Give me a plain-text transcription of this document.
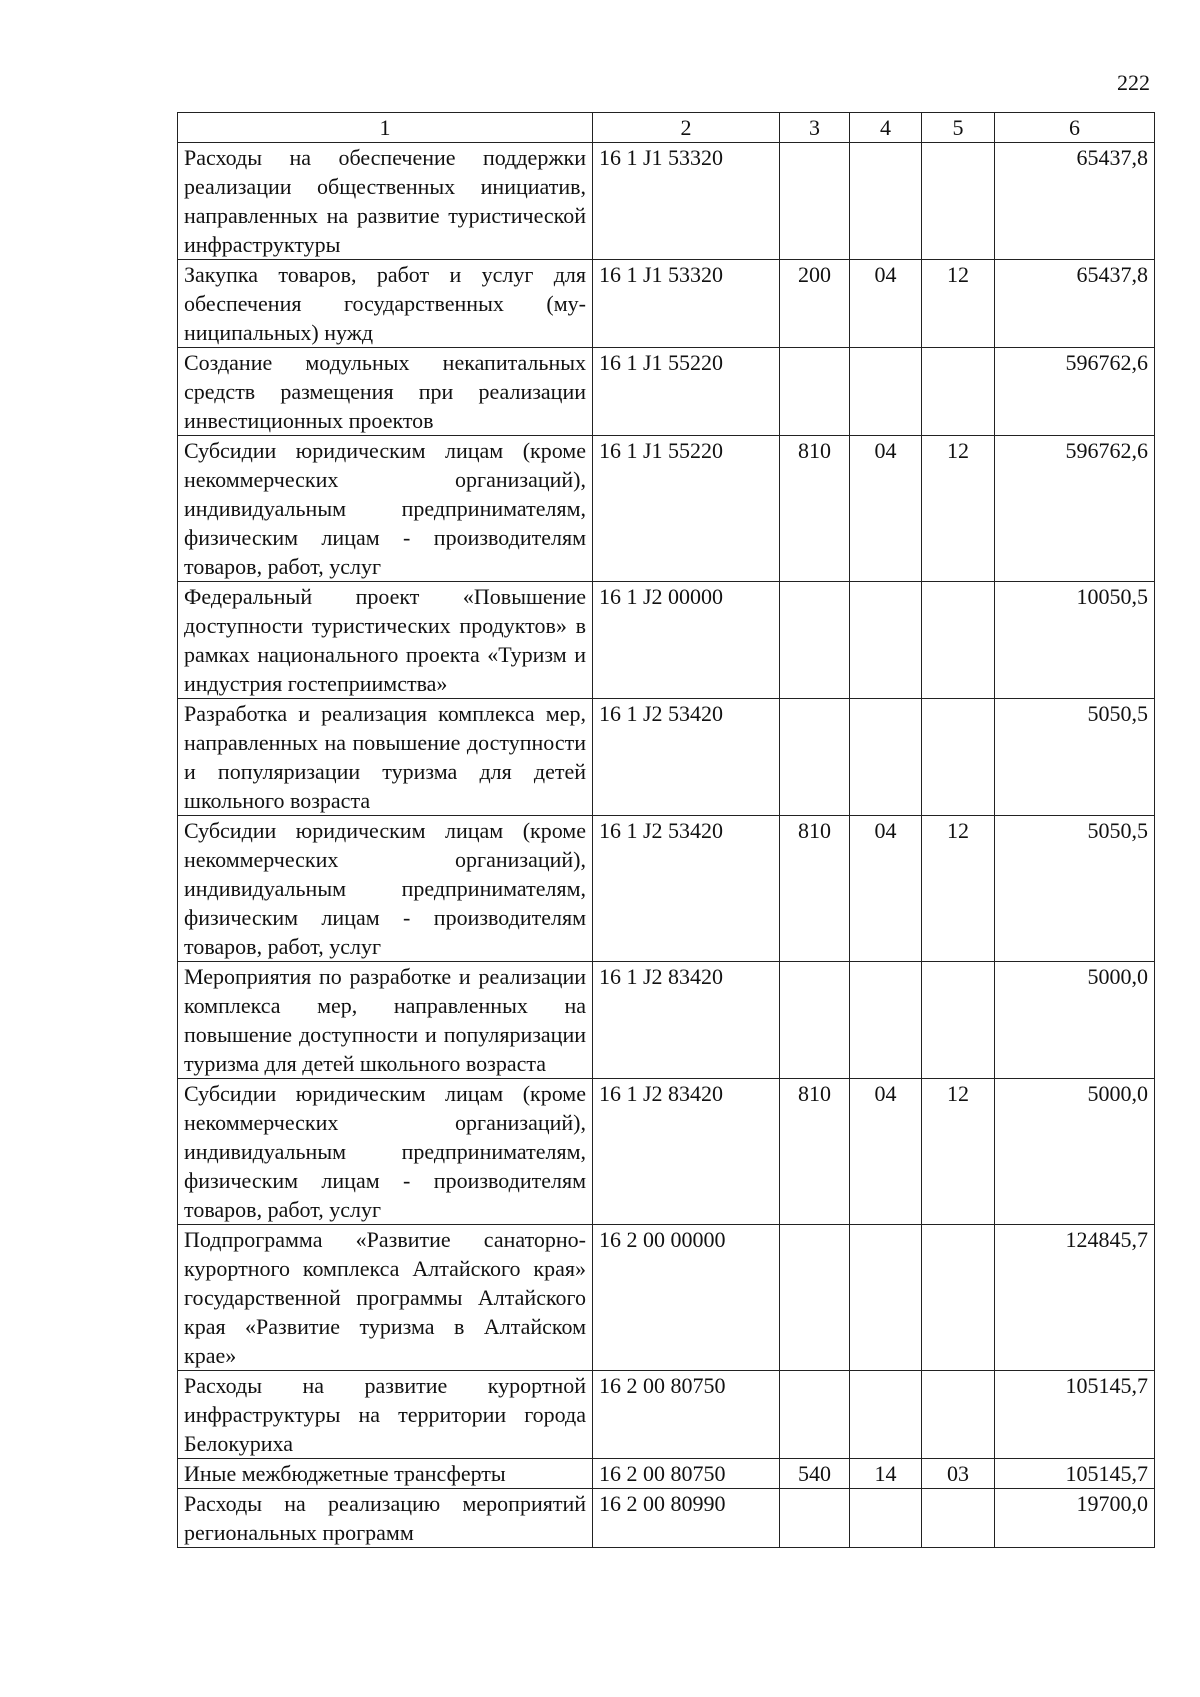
222
1	2	3	4	5	6
Расходы на обеспечение поддержки реализации общественных инициатив, направленных на развитие туристической инфраструктуры	16 1 J1 53320				65437,8
Закупка товаров, работ и услуг для обеспечения государственных (муниципальных) нужд	16 1 J1 53320	200	04	12	65437,8
Создание модульных некапитальных средств размещения при реализации инвестиционных проектов	16 1 J1 55220				596762,6
Субсидии юридическим лицам (кроме некоммерческих организаций), индивидуальным предпринимателям, физическим лицам - производителям товаров, работ, услуг	16 1 J1 55220	810	04	12	596762,6
Федеральный проект «Повышение доступности туристических продуктов» в рамках национального проекта «Туризм и индустрия гостеприимства»	16 1 J2 00000				10050,5
Разработка и реализация комплекса мер, направленных на повышение доступности и популяризации туризма для детей школьного возраста	16 1 J2 53420				5050,5
Субсидии юридическим лицам (кроме некоммерческих организаций), индивидуальным предпринимателям, физическим лицам - производителям товаров, работ, услуг	16 1 J2 53420	810	04	12	5050,5
Мероприятия по разработке и реализации комплекса мер, направленных на повышение доступности и популяризации туризма для детей школьного возраста	16 1 J2 83420				5000,0
Субсидии юридическим лицам (кроме некоммерческих организаций), индивидуальным предпринимателям, физическим лицам - производителям товаров, работ, услуг	16 1 J2 83420	810	04	12	5000,0
Подпрограмма «Развитие санаторно-курортного комплекса Алтайского края» государственной программы Алтайского края «Развитие туризма в Алтайском крае»	16 2 00 00000				124845,7
Расходы на развитие курортной инфраструктуры на территории города Белокуриха	16 2 00 80750				105145,7
Иные межбюджетные трансферты	16 2 00 80750	540	14	03	105145,7
Расходы на реализацию мероприятий региональных программ	16 2 00 80990				19700,0
